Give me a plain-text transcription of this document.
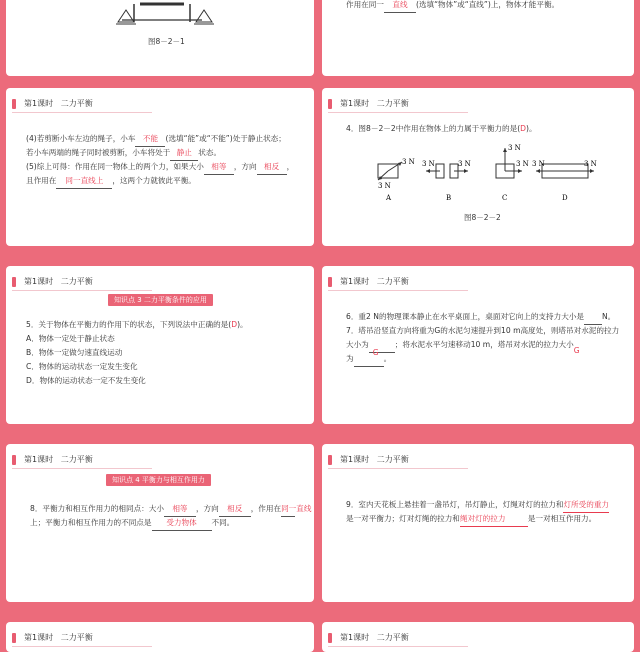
图8－2－1
作用在同一 直线 (选填“物体”或“直线”)上，物体才能平衡。
第1课时 二力平衡
(4)若剪断小车左边的绳子，小车 不能 (选填“能”或“不能”)处于静止状态；
若小车两端的绳子同时被剪断，小车将处于 静止 状态。
(5)综上可得：作用在同一物体上的两个力，如果大小 相等 ，方向 相反 ，
且作用在 同一直线上 ，这两个力就彼此平衡。
第1课时 二力平衡
4．图8－2－2中作用在物体上的力属于平衡力的是(D)。
3 N
3 N
A
3 N	3 N
B
3 N
3 N
C
3 N	3 N
D
图8－2－2
第1课时 二力平衡
知识点 3 二力平衡条件的应用
5．关于物体在平衡力的作用下的状态，下列说法中正确的是(D)。
A．物体一定处于静止状态
B．物体一定做匀速直线运动
C．物体的运动状态一定发生变化
D．物体的运动状态一定不发生变化
第1课时 二力平衡
6．重2 N的物理课本静止在水平桌面上，桌面对它向上的支持力大小是 N。
7．塔吊沿竖直方向将重为G的水泥匀速提升到10 m高度处，则塔吊对水泥的拉力
大小为
G
；将水泥水平匀速移动10 m，塔吊对水泥的拉力大小G
为	。
第1课时 二力平衡
知识点 4 平衡力与相互作用力
8．平衡力和相互作用力的相同点：大小 相等 ，方向 相反 ，作用在同一直线
上；平衡力和相互作用力的不同点是 受力物体 不同。
第1课时 二力平衡
9．室内天花板上悬挂着一盏吊灯，吊灯静止，灯绳对灯的拉力和灯所受的重力
是一对平衡力；灯对灯绳的拉力和绳对灯的拉力	是一对相互作用力。
第1课时 二力平衡	第1课时 二力平衡
